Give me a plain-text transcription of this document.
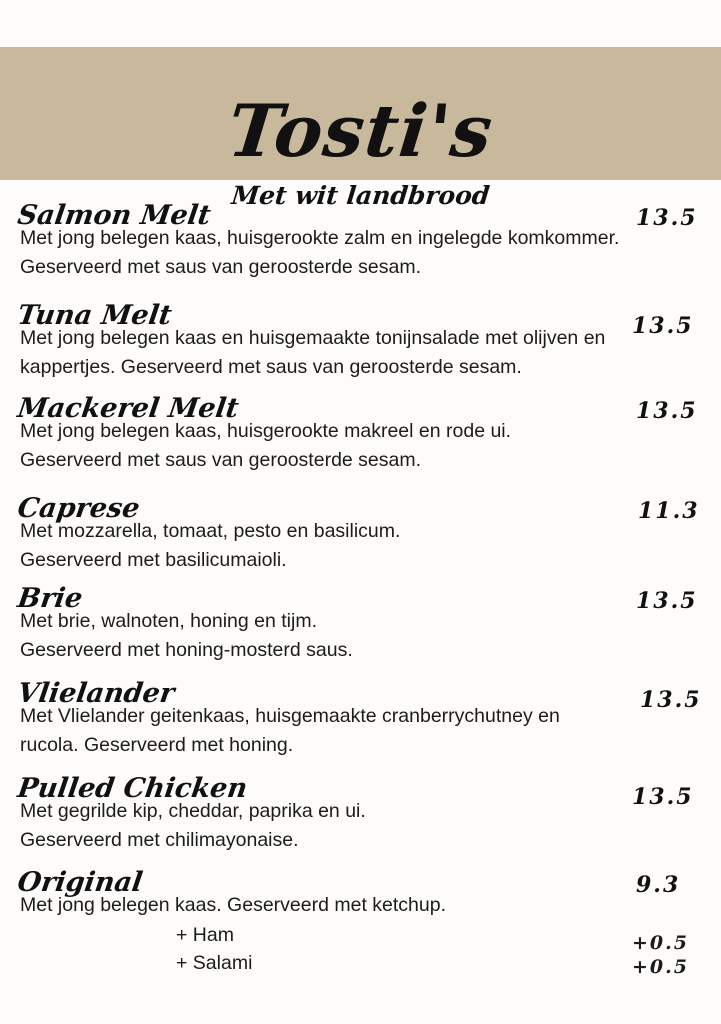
Tosti's
Met wit landbrood
Salmon Melt	13.5
Met jong belegen kaas, huisgerookte zalm en ingelegde komkommer. Geserveerd met saus van geroosterde sesam.
Tuna Melt	13.5
Met jong belegen kaas en huisgemaakte tonijnsalade met olijven en kappertjes. Geserveerd met saus van geroosterde sesam.
Mackerel Melt	13.5
Met jong belegen kaas, huisgerookte makreel en rode ui. Geserveerd met saus van geroosterde sesam.
Caprese	11.3
Met mozzarella, tomaat, pesto en basilicum. Geserveerd met basilicumaioli.
Brie	13.5
Met brie, walnoten, honing en tijm. Geserveerd met honing-mosterd saus.
Vlielander	13.5
Met Vlielander geitenkaas, huisgemaakte cranberrychutney en rucola. Geserveerd met honing.
Pulled Chicken	13.5
Met gegrilde kip, cheddar, paprika en ui. Geserveerd met chilimayonaise.
Original	9.3
Met jong belegen kaas. Geserveerd met ketchup.
+ Ham	+0.5
+ Salami	+0.5
